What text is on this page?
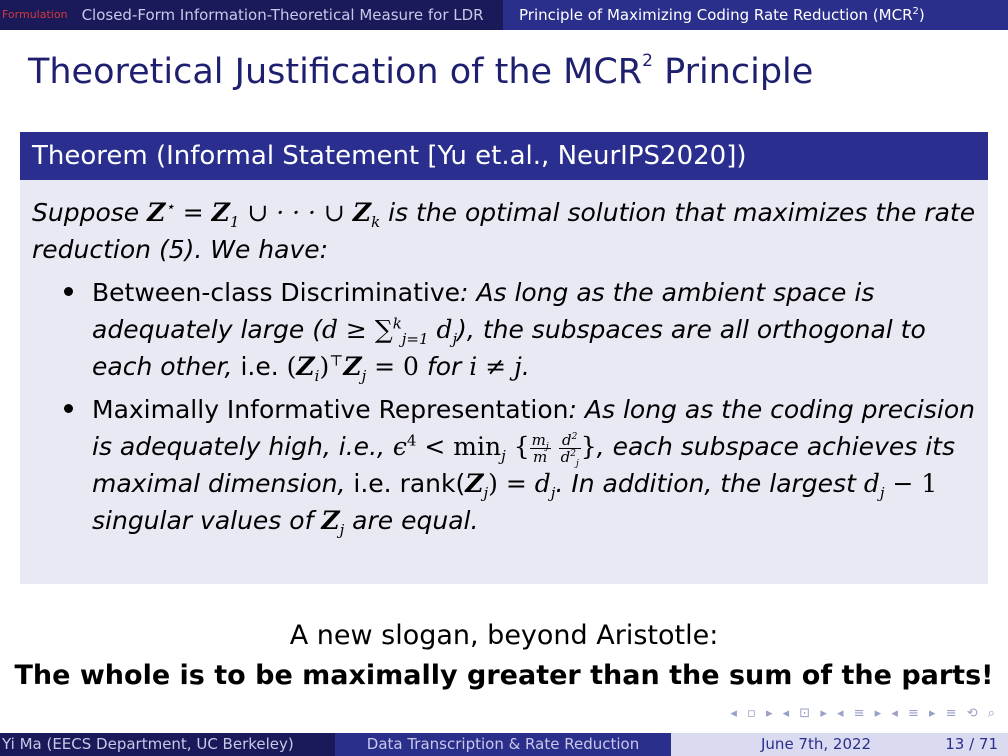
Formulation Closed-Form Information-Theoretical Measure for LDR	Principle of Maximizing Coding Rate Reduction (MCR$^2$)
Theoretical Justification of the MCR$^2$ Principle
Theorem (Informal Statement [Yu et.al., NeurIPS2020])
Suppose $Z^⋆ = Z_1$ ∪ · · · ∪ $Z_k$ is the optimal solution that maximizes the rate reduction (5). We have:
Between-class Discriminative: As long as the ambient space is adequately large (d ≥ ∑$^k_{j=1}$ $d_j$), the subspaces are all orthogonal to each other, i.e. $(Z_i)^⊤Z_j = 0$ for i ≠ j.
Maximally Informative Representation: As long as the coding precision is adequately high, i.e., $\epsilon^4 < \min_j$ { $\frac{m_j}{m}$
$\frac{d^2}{d^2_j}$ }, each subspace achieves its maximal dimension, i.e. $rank(Z_j) = d_j$. In addition, the largest $d_j - 1$ singular values of $Z_j$ are equal.
A new slogan, beyond Aristotle:
The whole is to be maximally greater than the sum of the parts!
◂ ▫ ▸ ◂ ⊡ ▸ ◂ ≡ ▸ ◂ ≡ ▸ ≡ ⟲ ⌕
Yi Ma (EECS Department, UC Berkeley)	Data Transcription & Rate Reduction	June 7th, 2022	13 / 71
